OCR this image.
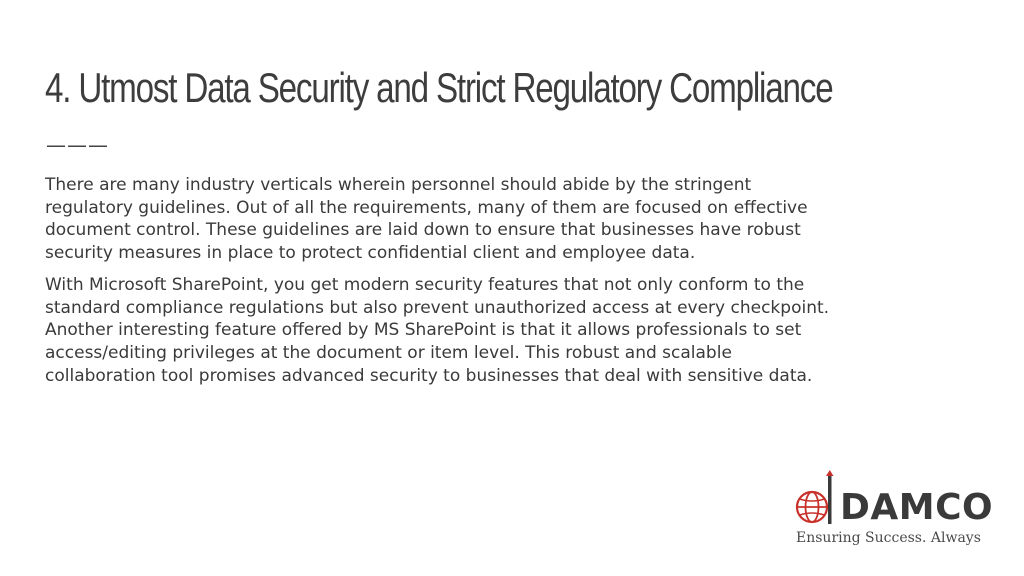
4. Utmost Data Security and Strict Regulatory Compliance
———

There are many industry verticals wherein personnel should abide by the stringent
regulatory guidelines. Out of all the requirements, many of them are focused on effective
document control. These guidelines are laid down to ensure that businesses have robust
security measures in place to protect confidential client and employee data.

With Microsoft SharePoint, you get modern security features that not only conform to the
standard compliance regulations but also prevent unauthorized access at every checkpoint.
Another interesting feature offered by MS SharePoint is that it allows professionals to set
access/editing privileges at the document or item level. This robust and scalable
collaboration tool promises advanced security to businesses that deal with sensitive data.

DAMCO
Ensuring Success. Always
